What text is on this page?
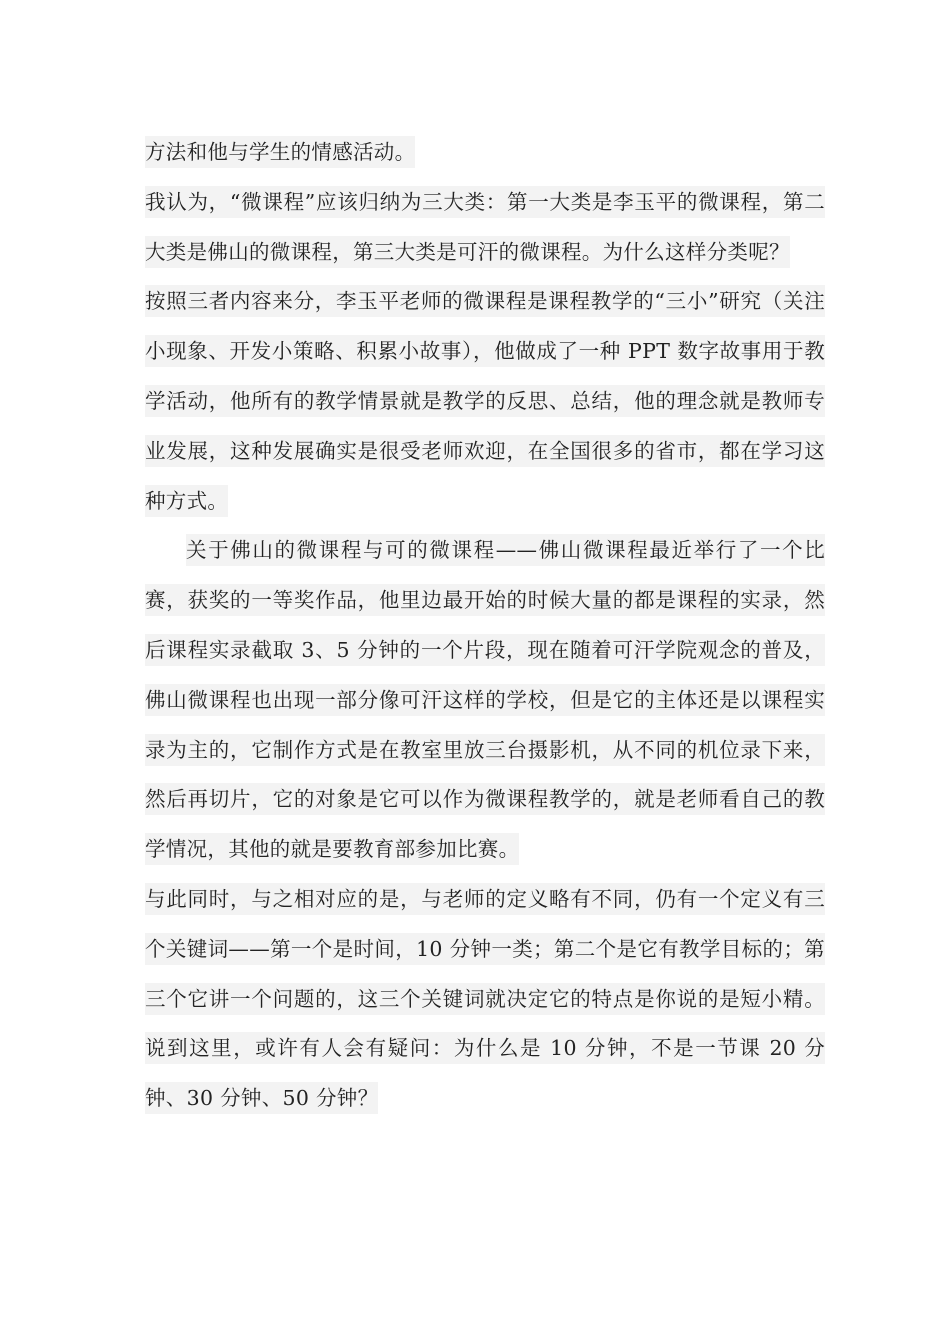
方法和他与学生的情感活动。

我认为，“微课程”应该归纳为三大类：第一大类是李玉平的微课程，第二大类是佛山的微课程，第三大类是可汗的微课程。为什么这样分类呢？

按照三者内容来分，李玉平老师的微课程是课程教学的“三小”研究（关注小现象、开发小策略、积累小故事），他做成了一种 PPT 数字故事用于教学活动，他所有的教学情景就是教学的反思、总结，他的理念就是教师专业发展，这种发展确实是很受老师欢迎，在全国很多的省市，都在学习这种方式。

关于佛山的微课程与可的微课程——佛山微课程最近举行了一个比赛，获奖的一等奖作品，他里边最开始的时候大量的都是课程的实录，然后课程实录截取 3、5 分钟的一个片段，现在随着可汗学院观念的普及，佛山微课程也出现一部分像可汗这样的学校，但是它的主体还是以课程实录为主的，它制作方式是在教室里放三台摄影机，从不同的机位录下来，然后再切片，它的对象是它可以作为微课程教学的，就是老师看自己的教学情况，其他的就是要教育部参加比赛。

与此同时，与之相对应的是，与老师的定义略有不同，仍有一个定义有三个关键词——第一个是时间，10 分钟一类；第二个是它有教学目标的；第三个它讲一个问题的，这三个关键词就决定它的特点是你说的是短小精。说到这里，或许有人会有疑问：为什么是 10 分钟，不是一节课 20 分钟、30 分钟、50 分钟？
